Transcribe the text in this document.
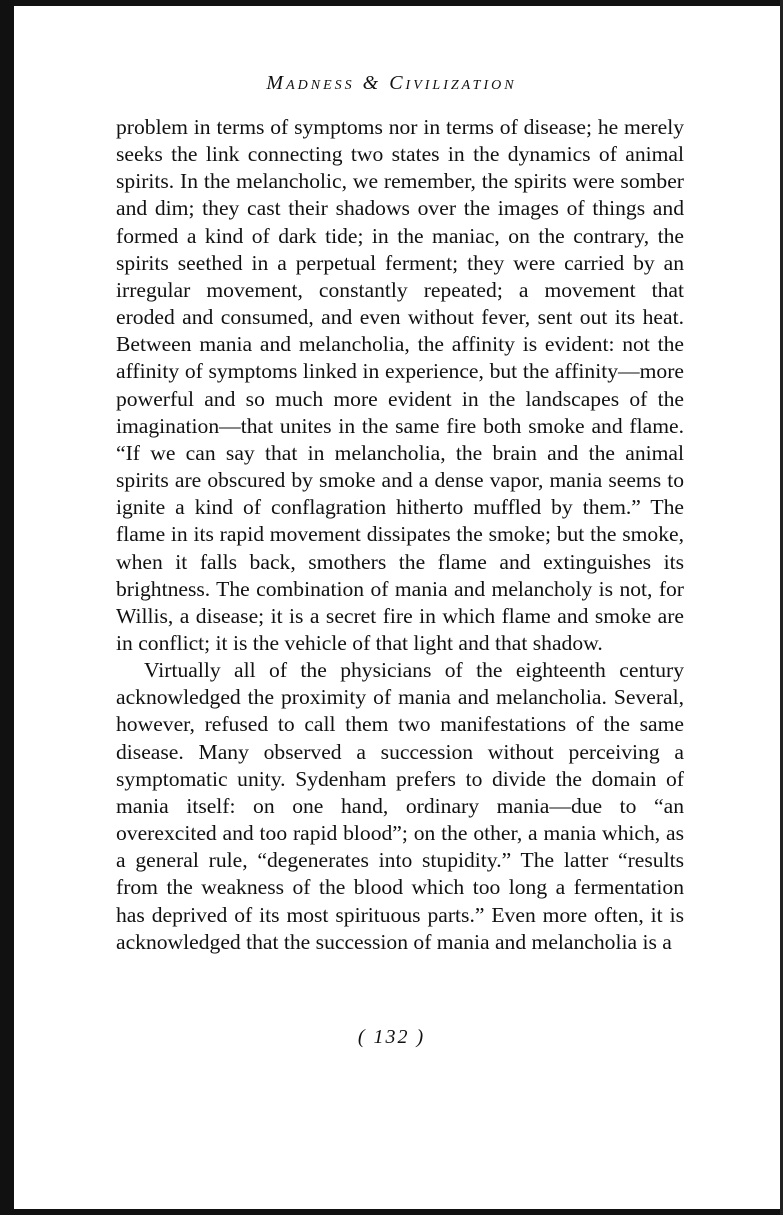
Madness & Civilization

problem in terms of symptoms nor in terms of disease; he merely seeks the link connecting two states in the dynamics of animal spirits. In the melancholic, we remember, the spirits were somber and dim; they cast their shadows over the images of things and formed a kind of dark tide; in the maniac, on the contrary, the spirits seethed in a perpetual ferment; they were carried by an irregular movement, constantly repeated; a movement that eroded and consumed, and even without fever, sent out its heat. Between mania and melancholia, the affinity is evident: not the affinity of symptoms linked in experience, but the affinity—more powerful and so much more evident in the landscapes of the imagination—that unites in the same fire both smoke and flame. “If we can say that in melancholia, the brain and the animal spirits are obscured by smoke and a dense vapor, mania seems to ignite a kind of conflagration hitherto muffled by them.” The flame in its rapid movement dissipates the smoke; but the smoke, when it falls back, smothers the flame and extinguishes its brightness. The combination of mania and melancholy is not, for Willis, a disease; it is a secret fire in which flame and smoke are in conflict; it is the vehicle of that light and that shadow.

Virtually all of the physicians of the eighteenth century acknowledged the proximity of mania and melancholia. Several, however, refused to call them two manifestations of the same disease. Many observed a succession without perceiving a symptomatic unity. Sydenham prefers to divide the domain of mania itself: on one hand, ordinary mania—due to “an overexcited and too rapid blood”; on the other, a mania which, as a general rule, “degenerates into stupidity.” The latter “results from the weakness of the blood which too long a fermentation has deprived of its most spirituous parts.” Even more often, it is acknowledged that the succession of mania and melancholia is a

( 132 )
